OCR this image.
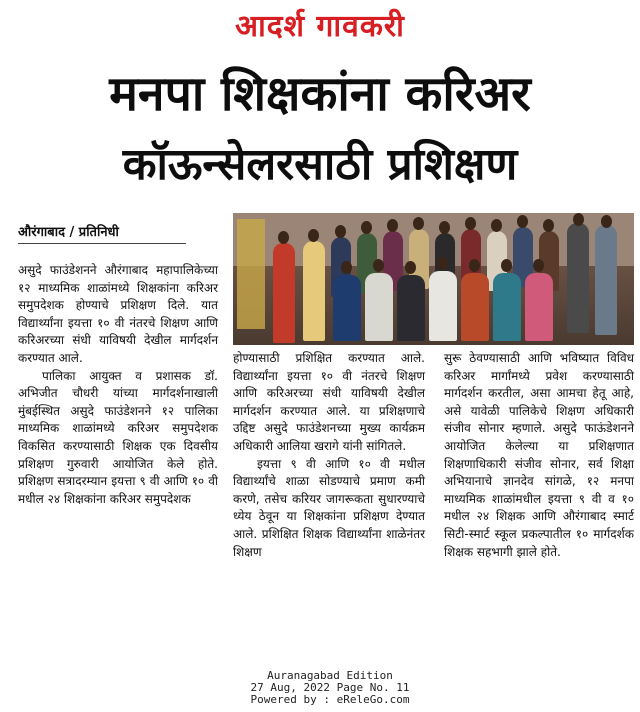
आदर्श गावकरी
मनपा शिक्षकांना करिअर
कॉऊन्सेलरसाठी प्रशिक्षण
औरंगाबाद / प्रतिनिधी

असुदे फाउंडेशनने औरंगाबाद महापालिकेच्या १२ माध्यमिक शाळांमध्ये शिक्षकांना करिअर समुपदेशक होण्याचे प्रशिक्षण दिले. यात विद्यार्थ्यांना इयत्ता १० वी नंतरचे शिक्षण आणि करिअरच्या संधी याविषयी देखील मार्गदर्शन करण्यात आले.

पालिका आयुक्त व प्रशासक डॉ. अभिजीत चौधरी यांच्या मार्गदर्शनाखाली मुंबईस्थित असुदे फाउंडेशनने १२ पालिका माध्यमिक शाळांमध्ये करिअर समुपदेशक विकसित करण्यासाठी शिक्षक एक दिवसीय प्रशिक्षण गुरुवारी आयोजित केले होते. प्रशिक्षण सत्रादरम्यान इयत्ता ९ वी आणि १० वी मधील २४ शिक्षकांना करिअर समुपदेशक

होण्यासाठी प्रशिक्षित करण्यात आले. विद्यार्थ्यांना इयत्ता १० वी नंतरचे शिक्षण आणि करिअरच्या संधी याविषयी देखील मार्गदर्शन करण्यात आले. या प्रशिक्षणाचे उद्दिष्ट असुदे फाउंडेशनच्या मुख्य कार्यक्रम अधिकारी आलिया खरागे यांनी सांगितले.

इयत्ता ९ वी आणि १० वी मधील विद्यार्थ्यांचे शाळा सोडण्याचे प्रमाण कमी करणे, तसेच करियर जागरूकता सुधारण्याचे ध्येय ठेवून या शिक्षकांना प्रशिक्षण देण्यात आले. प्रशिक्षित शिक्षक विद्यार्थ्यांना शाळेनंतर शिक्षण

सुरू ठेवण्यासाठी आणि भविष्यात विविध करिअर मार्गांमध्ये प्रवेश करण्यासाठी मार्गदर्शन करतील, असा आमचा हेतू आहे, असे यावेळी पालिकेचे शिक्षण अधिकारी संजीव सोनार म्हणाले. असुदे फाऊंडेशनने आयोजित केलेल्या या प्रशिक्षणात शिक्षणाधिकारी संजीव सोनार, सर्व शिक्षा अभियानाचे ज्ञानदेव सांगळे, १२ मनपा माध्यमिक शाळांमधील इयत्ता ९ वी व १० मधील २४ शिक्षक आणि औरंगाबाद स्मार्ट सिटी-स्मार्ट स्कूल प्रकल्पातील १० मार्गदर्शक शिक्षक सहभागी झाले होते.

Auranagabad Edition
27 Aug, 2022 Page No. 11
Powered by : eReleGo.com
